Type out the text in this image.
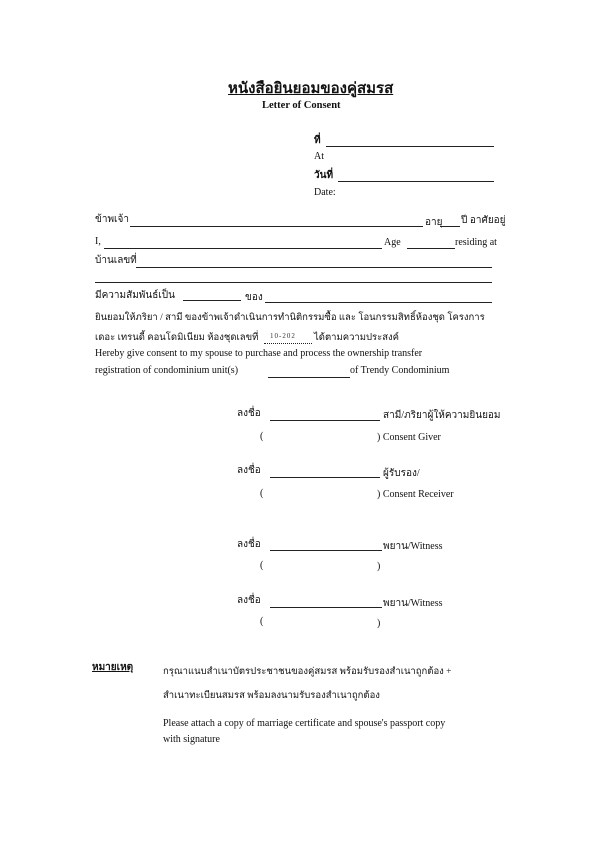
หนังสือยินยอมของคู่สมรส
Letter of Consent
ที่
At
วันที่
Date:
ข้าพเจ้า	อายุ ปี อาศัยอยู่
I,	Age	residing at
บ้านเลขที่
มีความสัมพันธ์เป็น	ของ
ยินยอมให้ภริยา / สามี ของข้าพเจ้าดำเนินการทำนิติกรรมซื้อ และ โอนกรรมสิทธิ์ห้องชุด โครงการ
เดอะ เทรนดี้ คอนโดมิเนียม ห้องชุดเลขที่ 10-202 ได้ตามความประสงค์
Hereby give consent to my spouse to purchase and process the ownership transfer
registration of condominium unit(s)	of Trendy Condominium
ลงชื่อ	สามี/ภริยาผู้ให้ความยินยอม
(	) Consent Giver
ลงชื่อ	ผู้รับรอง/
(	) Consent Receiver
ลงชื่อ	พยาน/Witness
(	)
ลงชื่อ	พยาน/Witness
(	)
หมายเหตุ	กรุณาแนบสำเนาบัตรประชาชนของคู่สมรส พร้อมรับรองสำเนาถูกต้อง +
สำเนาทะเบียนสมรส พร้อมลงนามรับรองสำเนาถูกต้อง
Please attach a copy of marriage certificate and spouse's passport copy
with signature
